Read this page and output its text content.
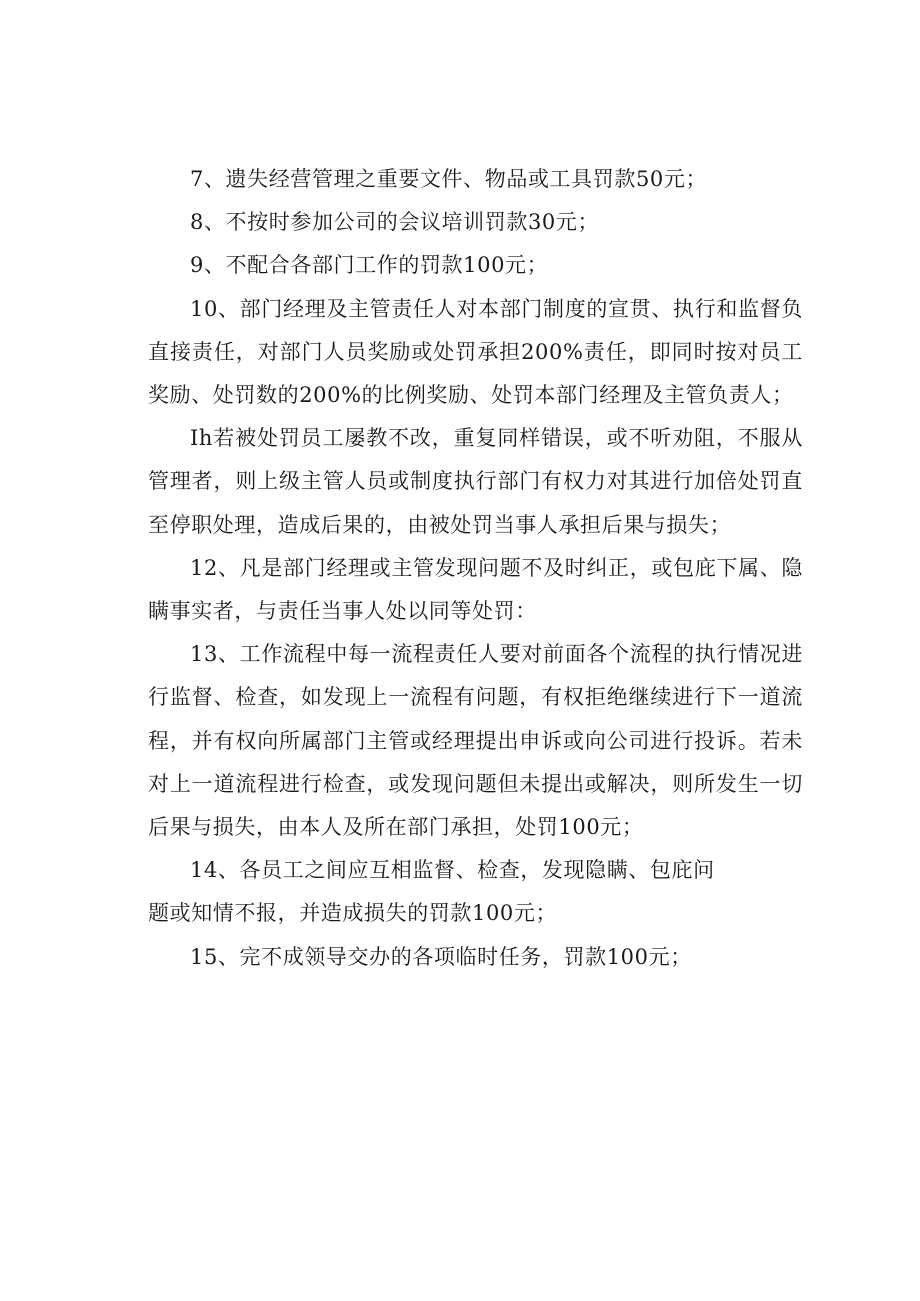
7、遗失经营管理之重要文件、物品或工具罚款50元；

8、不按时参加公司的会议培训罚款30元；

9、不配合各部门工作的罚款100元；

10、部门经理及主管责任人对本部门制度的宣贯、执行和监督负直接责任，对部门人员奖励或处罚承担200%责任，即同时按对员工奖励、处罚数的200%的比例奖励、处罚本部门经理及主管负责人；

Ih若被处罚员工屡教不改，重复同样错误，或不听劝阻，不服从管理者，则上级主管人员或制度执行部门有权力对其进行加倍处罚直至停职处理，造成后果的，由被处罚当事人承担后果与损失；

12、凡是部门经理或主管发现问题不及时纠正，或包庇下属、隐瞒事实者，与责任当事人处以同等处罚：

13、工作流程中每一流程责任人要对前面各个流程的执行情况进行监督、检查，如发现上一流程有问题，有权拒绝继续进行下一道流程，并有权向所属部门主管或经理提出申诉或向公司进行投诉。若未对上一道流程进行检查，或发现问题但未提出或解决，则所发生一切后果与损失，由本人及所在部门承担，处罚100元；

14、各员工之间应互相监督、检查，发现隐瞒、包庇问
题或知情不报，并造成损失的罚款100元；

15、完不成领导交办的各项临时任务，罚款100元；
